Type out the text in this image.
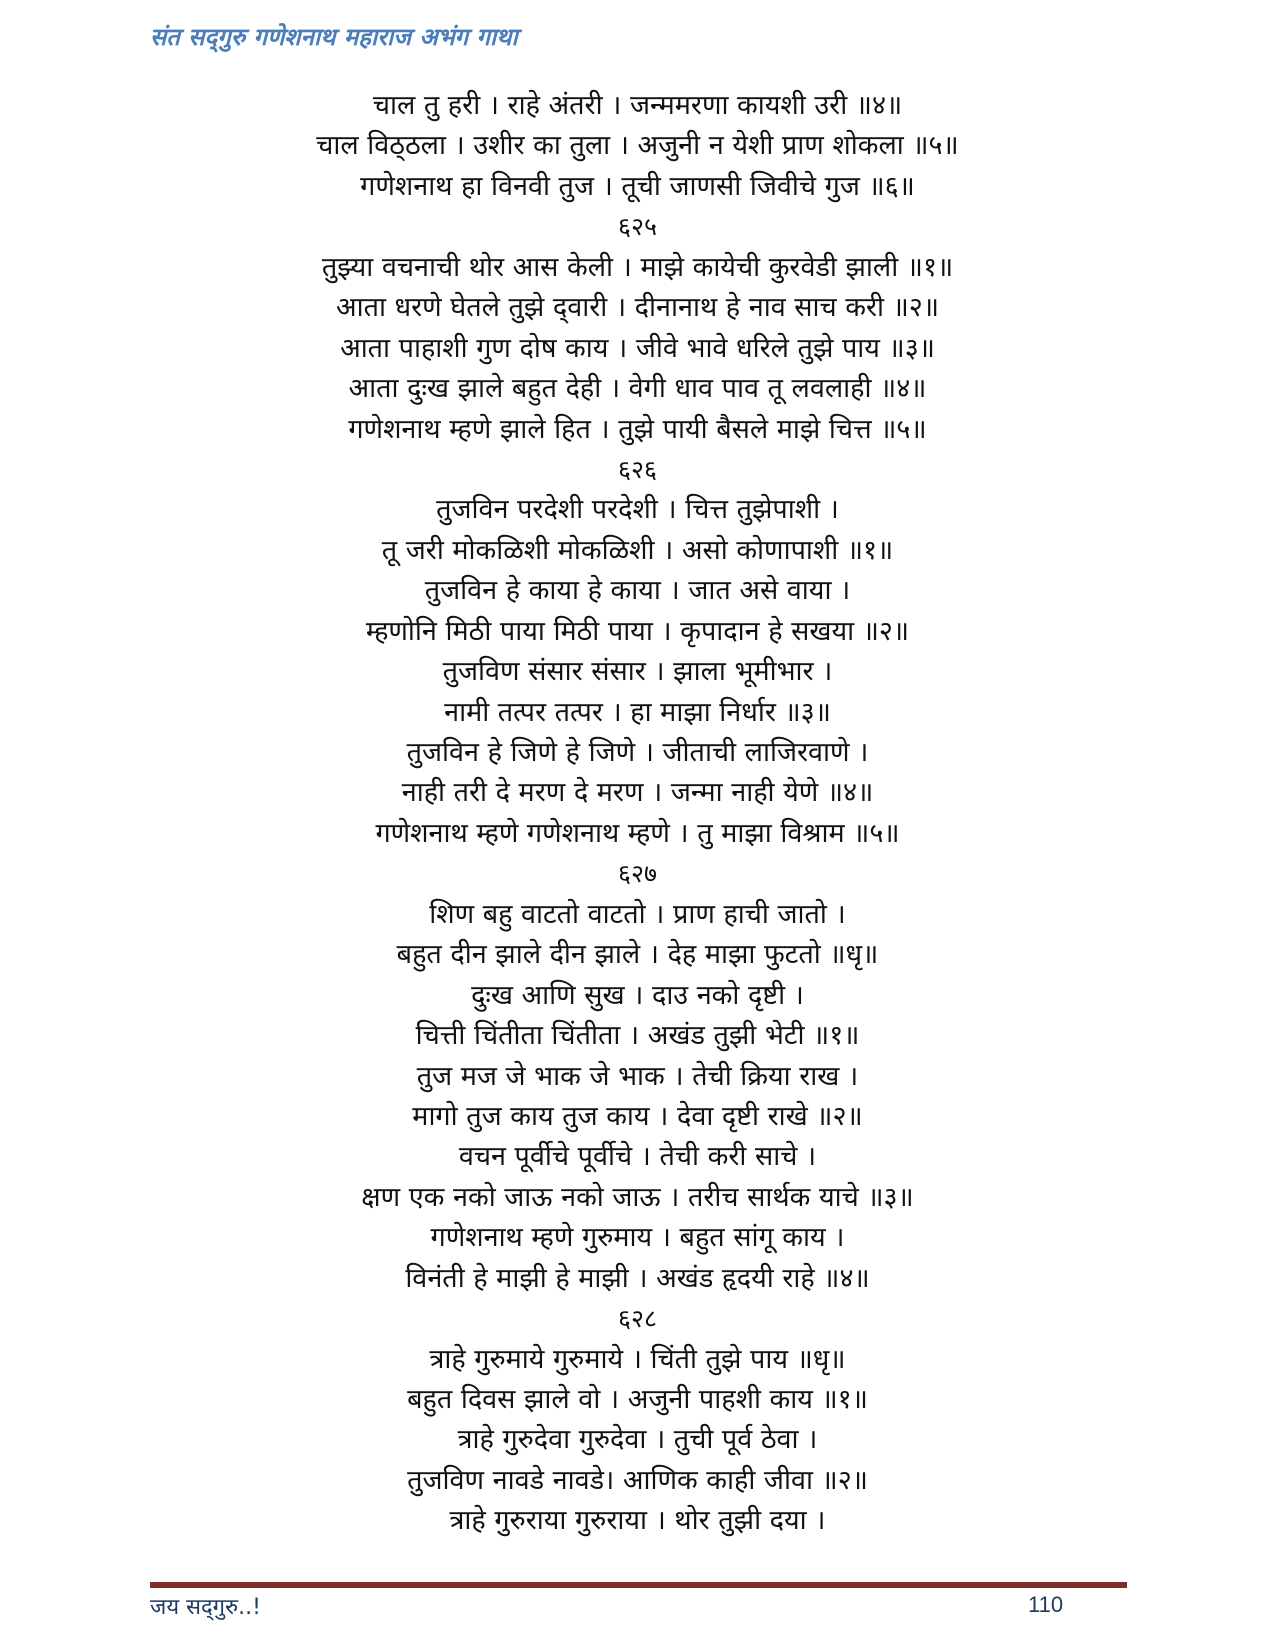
संत सद्‌गुरु गणेशनाथ महाराज अभंग गाथा
चाल तु हरी । राहे अंतरी । जन्ममरणा कायशी उरी ॥४॥
चाल विठ्‌ठला । उशीर का तुला । अजुनी न येशी प्राण शोकला ॥५॥
गणेशनाथ हा विनवी तुज । तूची जाणसी जिवीचे गुज ॥६॥
६२५
तुझ्या वचनाची थोर आस केली । माझे कायेची कुरवेडी झाली ॥१॥
आता धरणे घेतले तुझे द्‌वारी । दीनानाथ हे नाव साच करी ॥२॥
आता पाहाशी गुण दोष काय । जीवे भावे धरिले तुझे पाय ॥३॥
आता दुःख झाले बहुत देही । वेगी धाव पाव तू लवलाही ॥४॥
गणेशनाथ म्हणे झाले हित । तुझे पायी बैसले माझे चित्त ॥५॥
६२६
तुजविन परदेशी परदेशी । चित्त तुझेपाशी ।
तू जरी मोकळिशी मोकळिशी । असो कोणापाशी ॥१॥
तुजविन हे काया हे काया । जात असे वाया ।
म्हणोनि मिठी पाया मिठी पाया । कृपादान हे सखया ॥२॥
तुजविण संसार संसार । झाला भूमीभार ।
नामी तत्पर तत्पर । हा माझा निर्धार ॥३॥
तुजविन हे जिणे हे जिणे । जीताची लाजिरवाणे ।
नाही तरी दे मरण दे मरण । जन्मा नाही येणे ॥४॥
गणेशनाथ म्हणे गणेशनाथ म्हणे । तु माझा विश्राम ॥५॥
६२७
शिण बहु वाटतो वाटतो । प्राण हाची जातो ।
बहुत दीन झाले दीन झाले । देह माझा फुटतो ॥धृ॥
दुःख आणि सुख । दाउ नको दृष्टी ।
चित्ती चिंतीता चिंतीता । अखंड तुझी भेटी ॥१॥
तुज मज जे भाक जे भाक । तेची क्रिया राख ।
मागो तुज काय तुज काय । देवा दृष्टी राखे ॥२॥
वचन पूर्वीचे पूर्वीचे । तेची करी साचे ।
क्षण एक नको जाऊ नको जाऊ । तरीच सार्थक याचे ॥३॥
गणेशनाथ म्हणे गुरुमाय । बहुत सांगू काय ।
विनंती हे माझी हे माझी । अखंड हृदयी राहे ॥४॥
६२८
त्राहे गुरुमाये गुरुमाये । चिंती तुझे पाय ॥धृ॥
बहुत दिवस झाले वो । अजुनी पाहशी काय ॥१॥
त्राहे गुरुदेवा गुरुदेवा । तुची पूर्व ठेवा ।
तुजविण नावडे नावडे। आणिक काही जीवा ॥२॥
त्राहे गुरुराया गुरुराया । थोर तुझी दया ।
जय सद्‌गुरु..!	110
